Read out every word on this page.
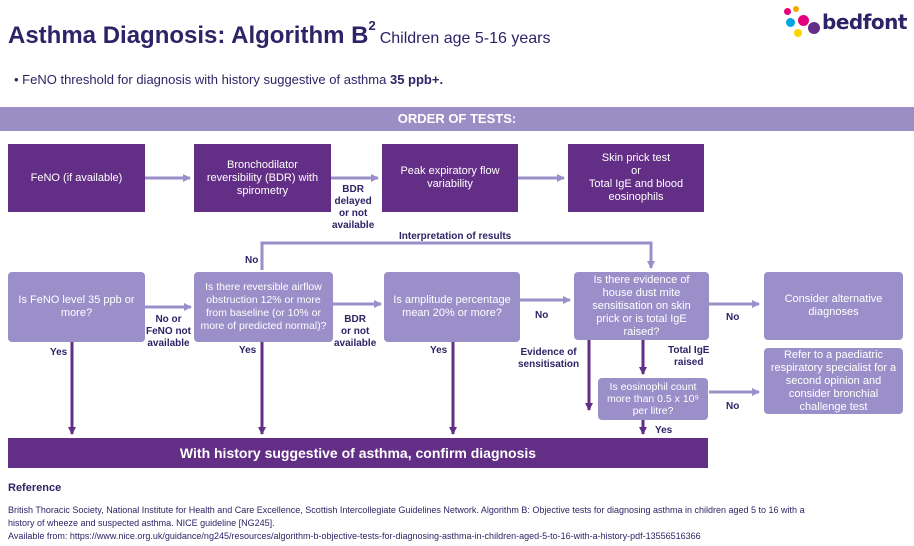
Asthma Diagnosis: Algorithm $B^2Children$ age 5-16 years
bedfont
• FeNO threshold for diagnosis with history suggestive of asthma 35 ppb+.
ORDER OF TESTS:
FeNO (if available)
Bronchodilator reversibility (BDR) with spirometry
Peak expiratory flow variability
Skin prick test
or
Total IgE and blood eosinophils
Is FeNO level 35 ppb or more?
Is there reversible airflow obstruction 12% or more from baseline (or 10% or more of predicted normal)?
Is amplitude percentage mean 20% or more?
Is there evidence of house dust mite sensitisation on skin prick or is total IgE raised?
Consider alternative diagnoses
Is eosinophil count more than 0.5 x 10⁹ per litre?
Refer to a paediatric respiratory specialist for a second opinion and consider bronchial challenge test
BDR
delayed
or not
available
Interpretation of results
No
No or
FeNO not
available
BDR
or not
available
No	No
No
Yes	Yes	Yes	Evidence of
sensitisation
Total IgE
raised
Yes
With history suggestive of asthma, confirm diagnosis
Reference
British Thoracic Society, National Institute for Health and Care Excellence, Scottish Intercollegiate Guidelines Network. Algorithm B: Objective tests for diagnosing asthma in children aged 5 to 16 with a
history of wheeze and suspected asthma. NICE guideline [NG245].
Available from: https://www.nice.org.uk/guidance/ng245/resources/algorithm-b-objective-tests-for-diagnosing-asthma-in-children-aged-5-to-16-with-a-history-pdf-13556516366
